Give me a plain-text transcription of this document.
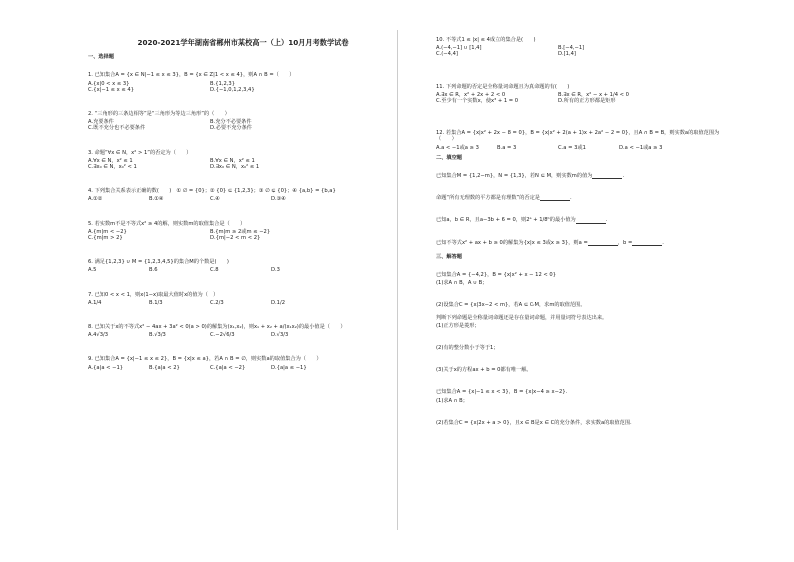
2020-2021学年湖南省郴州市某校高一（上）10月月考数学试卷
一、选择题
1. 已知集合A = {x ∈ N|−1 ≤ x ≤ 3}，B = {x ∈ Z|1 < x ≤ 4}，则A ∩ B =（　　）
A.{x|0 < x ≤ 3}	B.{1,2,3}
C.{x|−1 ≤ x ≤ 4}	D.{−1,0,1,2,3,4}
2. “三角形的三条边相等”是“三角形为等边三角形”的（　　）
A.充要条件	B.充分不必要条件
C.既不充分也不必要条件	D.必要不充分条件
3. 命题“∀x ∈ N，x² > 1”的否定为（　　）
A.∀x ∈ N，x² ≤ 1	B.∀x ∈ N，x² ≤ 1
C.∃x₀ ∈ N，x₀² < 1	D.∃x₀ ∈ N，x₀² ≤ 1
4. 下列集合关系表示正确的数(　　)　① ∅ = {0}；② {0} ⊆ {1,2,3}；③ ∅ ⊊ {0}；④ {a,b} = {b,a}
A.①②	B.①④	C.④	D.③④
5. 若实数m不是不等式x² ≥ 4的解，则实数m的取值集合是（　　）
A.{m|m < −2}	B.{m|m ≥ 2或m ≤ −2}
C.{m|m > 2}	D.{m|−2 < m < 2}
6. 满足{1,2,3} ∪ M = {1,2,3,4,5}的集合M的个数是(　　)
A.5	B.6	C.8	D.3
7. 已知0 < x < 1，则x(1−x)取最大值时x的值为（　）
A.1/4	B.1/3	C.2/3	D.1/2
8. 已知关于x的不等式x² − 4ax + 3a² < 0(a > 0)的解集为(x₁,x₂)，则x₁ + x₂ + a/(x₁x₂)的最小值是（　　）
A.4√3/3	B.√3/3	C.−2√6/3	D.√3/3
9. 已知集合A = {x|−1 ≤ x ≤ 2}，B = {x|x ≤ a}，若A ∩ B = ∅，则实数a的取值集合为（　　）
A.{a|a < −1}	B.{a|a < 2}	C.{a|a < −2}	D.{a|a ≤ −1}
10. 不等式1 ≤ |x| ≤ 4成立的集合是(　　)
A.(−4,−1] ∪ [1,4]	B.[−4,−1]
C.(−4,4]	D.[1,4]
11. 下列命题的否定是全称量词命题且为真命题的有(　　)
A.∃x ∈ R，x² + 2x + 2 < 0	B.∃x ∈ R，x² − x + 1/4 < 0
C.至少有一个实数x，使x³ + 1 = 0	D.所有的正方形都是矩形
12. 若集合A = {x|x² + 2x − 8 = 0}，B = {x|x² + 2(a + 1)x + 2a² − 2 = 0}，且A ∩ B = B，则实数a的取值范围为（　　）
A.a < −1或a ≥ 3	B.a = 3	C.a = 3或1	D.a < −1或a ≥ 3
二、填空题
已知集合M = {1,2−m}，N = {1,3}，若N ⊆ M，则实数m的值为	.
命题“所有无理数的平方都是有理数”的否定是	.
已知a，b ∈ R，且a−3b + 6 = 0，则2ᵃ + 1/8ᵇ的最小值为	.
已知不等式x² + ax + b ≥ 0的解集为{x|x ≤ 3或x ≥ 3}，则a =	，b =	.
三、解答题
已知集合A = {−4,2}，B = {x|x² + x − 12 < 0}
(1)求A ∩ B，A ∪ B；
(2)设集合C = {x|3x−2 < m}，若A ⊆ ∁ᵣM，求m的取值范围。
判断下列命题是全称量词命题还是存在量词命题，并用量词符号表达出来。
(1)正方形是菱形；
(2)有的整分数小于等于1；
(3)关于x的方程ax + b = 0都有唯一解。
已知集合A = {x|−1 ≤ x < 3}，B = {x|x−4 ≥ x−2}.
(1)求A ∩ B；
(2)若集合C = {x|2x + a > 0}，且x ∈ B是x ∈ C的充分条件，求实数a的取值范围.
